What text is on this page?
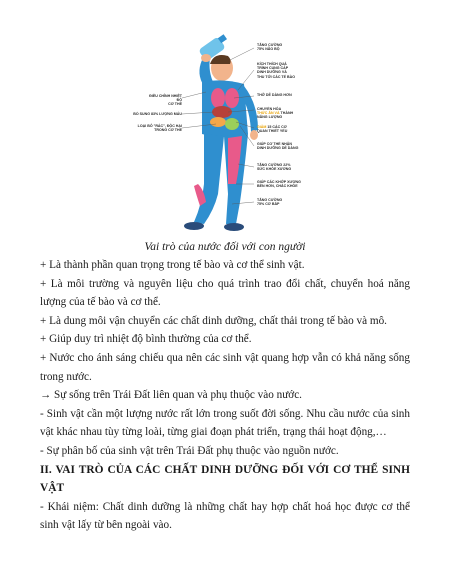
TĂNG CƯỜNG
75% NÃO BỘ
KÍCH THÍCH QUÁ
TRÌNH CUNG CẤP
DINH DƯỠNG VÀ
THU TỚI CÁC TẾ BÀO
THỞ DỄ DÀNG HƠN
CHUYỂN HÓA
THỨC ĂN VÀ THÀNH
NĂNG LƯỢNG
GIẢM 15 CÁC CƠ
QUAN THIẾT YẾU
GIÚP CƠ THỂ NHẬN
DINH DƯỠNG DỄ DÀNG
TĂNG CƯỜNG 22%
SỨC KHỎE XƯƠNG
GIÚP CÁC KHỚP XƯƠNG
BỀN HƠN, CHẮC KHỎE
TĂNG CƯỜNG
75% CƠ BẮP
ĐIỀU CHỈNH NHIỆT ĐỘ
CƠ THỂ
BỔ SUNG 83% LƯỢNG MÁU
LOẠI BỎ "RÁC", ĐỘC HẠI
TRONG CƠ THỂ
Vai trò của nước đối với con người

+ Là thành phần quan trọng trong tế bào và cơ thể sinh vật.

+ Là môi trường và nguyên liệu cho quá trình trao đổi chất, chuyển hoá năng lượng của tế bào và cơ thể.

+ Là dung môi vận chuyển các chất dinh dưỡng, chất thải trong tế bào và mô.

+ Giúp duy trì nhiệt độ bình thường của cơ thể.

+ Nước cho ánh sáng chiếu qua nên các sinh vật quang hợp vẫn có khả năng sống trong nước.

→ Sự sống trên Trái Đất liên quan và phụ thuộc vào nước.

- Sinh vật cần một lượng nước rất lớn trong suốt đời sống. Nhu cầu nước của sinh vật khác nhau tùy từng loài, từng giai đoạn phát triển, trạng thái hoạt động,…

- Sự phân bố của sinh vật trên Trái Đất phụ thuộc vào nguồn nước.

II. VAI TRÒ CỦA CÁC CHẤT DINH DƯỠNG ĐỐI VỚI CƠ THỂ SINH VẬT

- Khái niệm: Chất dinh dưỡng là những chất hay hợp chất hoá học được cơ thể sinh vật lấy từ bên ngoài vào.
